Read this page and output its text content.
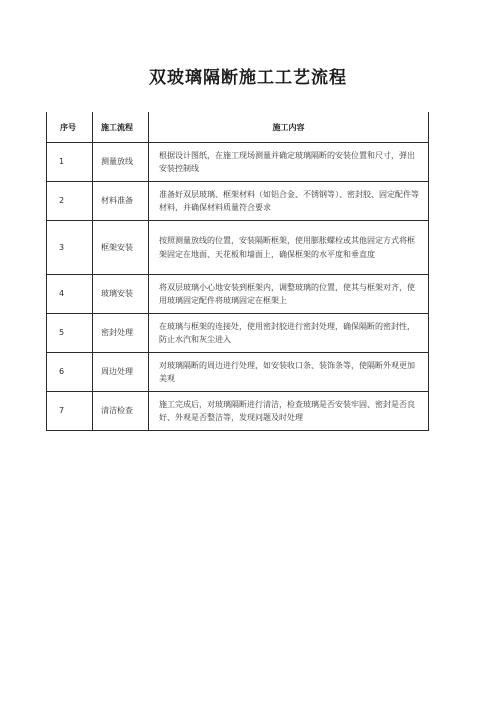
双玻璃隔断施工工艺流程
序号	施工流程	施工内容
1	测量放线	根据设计图纸，在施工现场测量并确定玻璃隔断的安装位置和尺寸，弹出安装控制线
2	材料准备	准备好双层玻璃、框架材料（如铝合金、不锈钢等）、密封胶、固定配件等材料，并确保材料质量符合要求
3	框架安装	按照测量放线的位置，安装隔断框架，使用膨胀螺栓或其他固定方式将框架固定在地面、天花板和墙面上，确保框架的水平度和垂直度
4	玻璃安装	将双层玻璃小心地安装到框架内，调整玻璃的位置，使其与框架对齐，使用玻璃固定配件将玻璃固定在框架上
5	密封处理	在玻璃与框架的连接处，使用密封胶进行密封处理，确保隔断的密封性，防止水汽和灰尘进入
6	周边处理	对玻璃隔断的周边进行处理，如安装收口条、装饰条等，使隔断外观更加美观
7	清洁检查	施工完成后，对玻璃隔断进行清洁，检查玻璃是否安装牢固、密封是否良好、外观是否整洁等，发现问题及时处理
